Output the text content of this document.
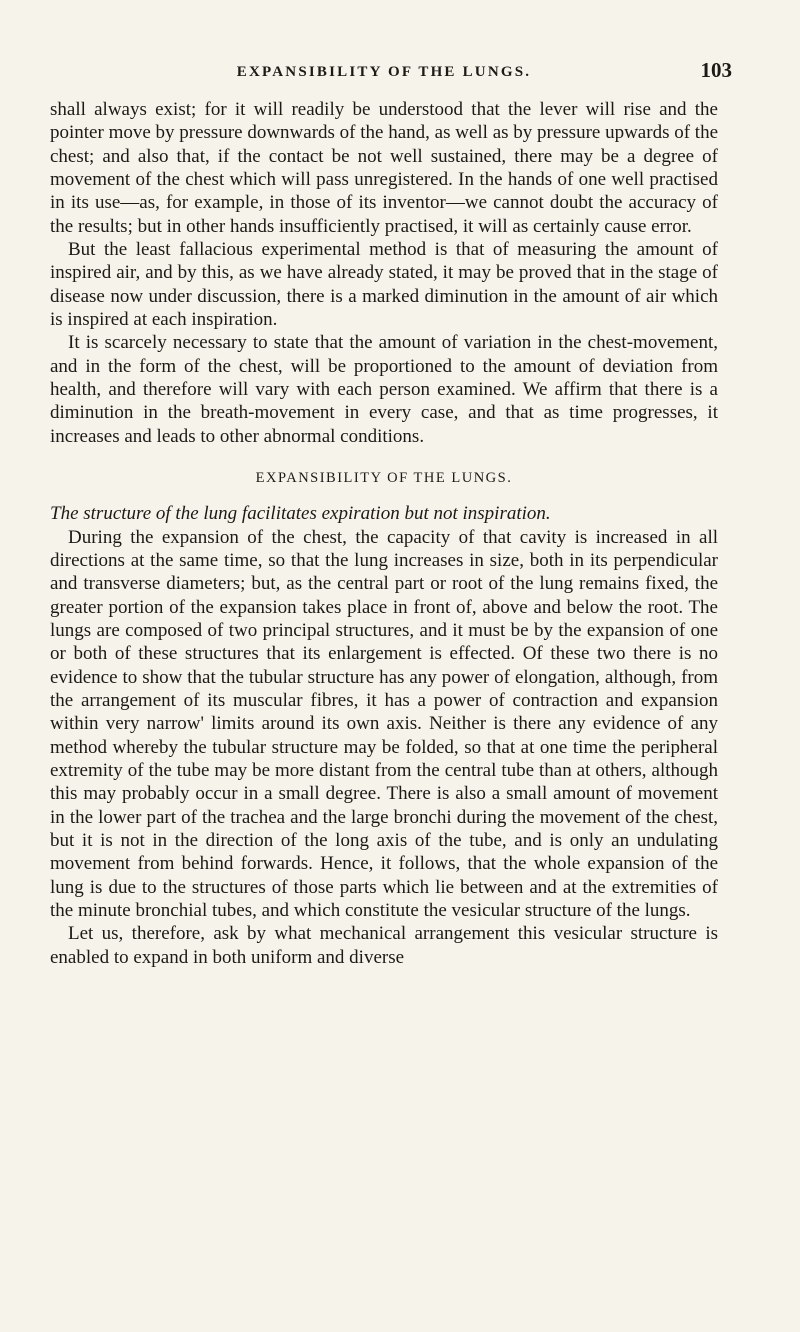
EXPANSIBILITY OF THE LUNGS.	103

shall always exist; for it will readily be understood that the lever will rise and the pointer move by pressure downwards of the hand, as well as by pressure upwards of the chest; and also that, if the contact be not well sustained, there may be a degree of movement of the chest which will pass unregistered. In the hands of one well practised in its use—as, for example, in those of its inventor—we cannot doubt the accuracy of the results; but in other hands insufficiently practised, it will as certainly cause error.

But the least fallacious experimental method is that of measuring the amount of inspired air, and by this, as we have already stated, it may be proved that in the stage of disease now under discussion, there is a marked diminution in the amount of air which is inspired at each inspiration.

It is scarcely necessary to state that the amount of variation in the chest-movement, and in the form of the chest, will be proportioned to the amount of deviation from health, and therefore will vary with each person examined. We affirm that there is a diminution in the breath-movement in every case, and that as time progresses, it increases and leads to other abnormal conditions.

EXPANSIBILITY OF THE LUNGS.

The structure of the lung facilitates expiration but not inspiration.

During the expansion of the chest, the capacity of that cavity is increased in all directions at the same time, so that the lung increases in size, both in its perpendicular and transverse diameters; but, as the central part or root of the lung remains fixed, the greater portion of the expansion takes place in front of, above and below the root. The lungs are composed of two principal structures, and it must be by the expansion of one or both of these structures that its enlargement is effected. Of these two there is no evidence to show that the tubular structure has any power of elongation, although, from the arrangement of its muscular fibres, it has a power of contraction and expansion within very narrow' limits around its own axis. Neither is there any evidence of any method whereby the tubular structure may be folded, so that at one time the peripheral extremity of the tube may be more distant from the central tube than at others, although this may probably occur in a small degree. There is also a small amount of movement in the lower part of the trachea and the large bronchi during the movement of the chest, but it is not in the direction of the long axis of the tube, and is only an undulating movement from behind forwards. Hence, it follows, that the whole expansion of the lung is due to the structures of those parts which lie between and at the extremities of the minute bronchial tubes, and which constitute the vesicular structure of the lungs.

Let us, therefore, ask by what mechanical arrangement this vesicular structure is enabled to expand in both uniform and diverse
